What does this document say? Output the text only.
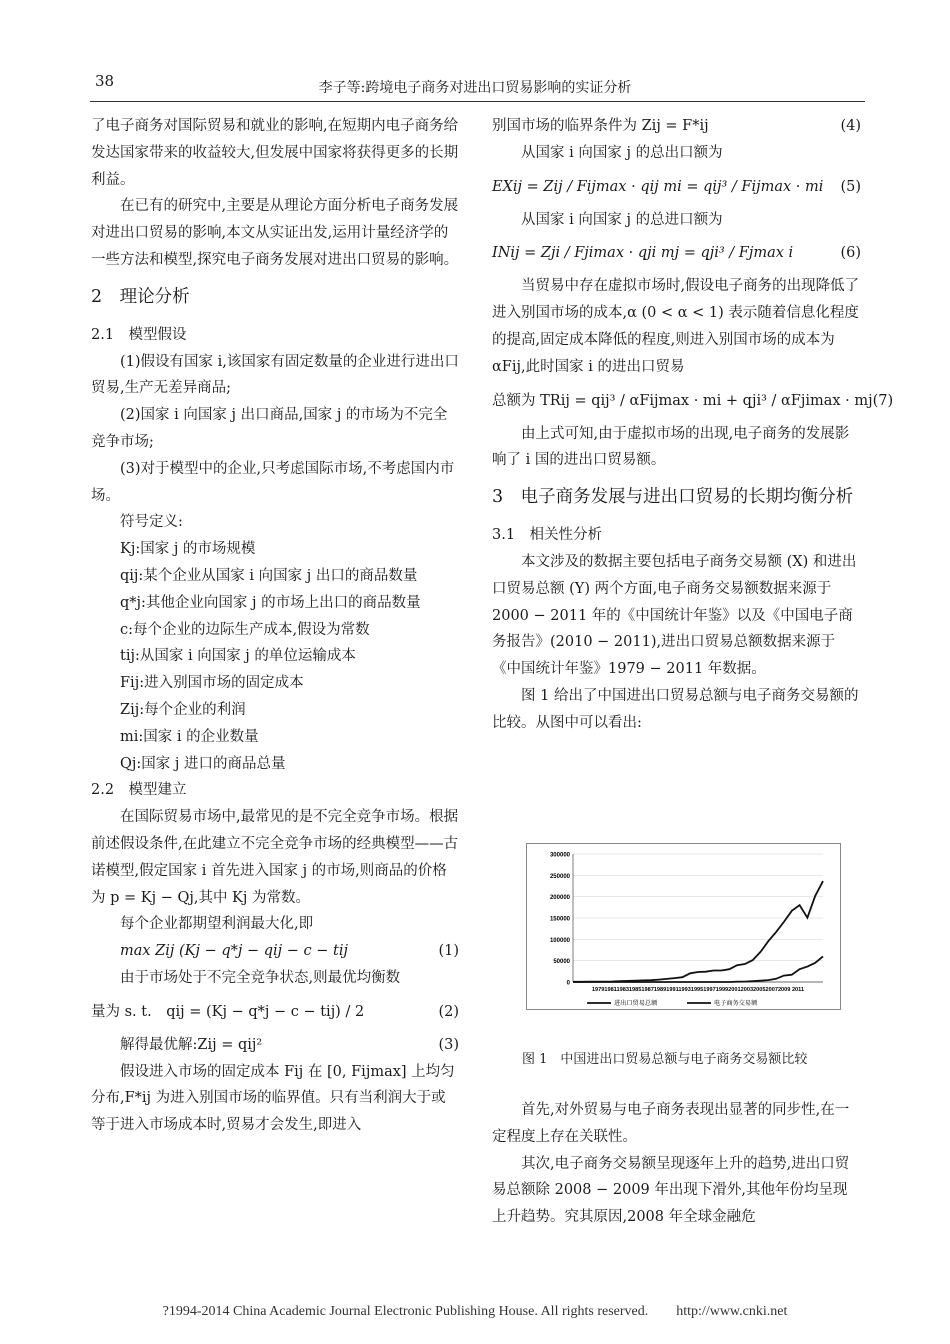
38	李子等:跨境电子商务对进出口贸易影响的实证分析

了电子商务对国际贸易和就业的影响,在短期内电子商务给发达国家带来的收益较大,但发展中国家将获得更多的长期利益。

在已有的研究中,主要是从理论方面分析电子商务发展对进出口贸易的影响,本文从实证出发,运用计量经济学的一些方法和模型,探究电子商务发展对进出口贸易的影响。

2　理论分析

2.1　模型假设

(1)假设有国家 i,该国家有固定数量的企业进行进出口贸易,生产无差异商品;

(2)国家 i 向国家 j 出口商品,国家 j 的市场为不完全竞争市场;

(3)对于模型中的企业,只考虑国际市场,不考虑国内市场。

符号定义:

Kj:国家 j 的市场规模

qij:某个企业从国家 i 向国家 j 出口的商品数量

q*j:其他企业向国家 j 的市场上出口的商品数量

c:每个企业的边际生产成本,假设为常数

tij:从国家 i 向国家 j 的单位运输成本

Fij:进入别国市场的固定成本

Zij:每个企业的利润

mi:国家 i 的企业数量

Qj:国家 j 进口的商品总量

2.2　模型建立

在国际贸易市场中,最常见的是不完全竞争市场。根据前述假设条件,在此建立不完全竞争市场的经典模型——古诺模型,假定国家 i 首先进入国家 j 的市场,则商品的价格为 p = Kj − Qj,其中 Kj 为常数。

每个企业都期望利润最大化,即

max Zij (Kj − q*j − qij − c − tij	(1)

由于市场处于不完全竞争状态,则最优均衡数

量为 s. t.　qij = (Kj − q*j − c − tij) / 2	(2)
解得最优解:Zij = qij²	(3)

假设进入市场的固定成本 Fij 在 [0, Fijmax] 上均匀分布,F*ij 为进入别国市场的临界值。只有当利润大于或等于进入市场成本时,贸易才会发生,即进入

别国市场的临界条件为 Zij = F*ij	(4)

从国家 i 向国家 j 的总出口额为

EXij = Zij / Fijmax · qij mi = qij³ / Fijmax · mi (5)

从国家 i 向国家 j 的总进口额为

INij = Zji / Fjimax · qji mj = qji³ / Fjmax i	(6)

当贸易中存在虚拟市场时,假设电子商务的出现降低了进入别国市场的成本,α (0 < α < 1) 表示随着信息化程度的提高,固定成本降低的程度,则进入别国市场的成本为 αFij,此时国家 i 的进出口贸易

总额为 TRij = qij³ / αFijmax · mi + qji³ / αFjimax · mj (7)

由上式可知,由于虚拟市场的出现,电子商务的发展影响了 i 国的进出口贸易额。

3　电子商务发展与进出口贸易的长期均衡分析

3.1　相关性分析

本文涉及的数据主要包括电子商务交易额 (X) 和进出口贸易总额 (Y) 两个方面,电子商务交易额数据来源于 2000 − 2011 年的《中国统计年鉴》以及《中国电子商务报告》(2010 − 2011),进出口贸易总额数据来源于《中国统计年鉴》1979 − 2011 年数据。

图 1 给出了中国进出口贸易总额与电子商务交易额的比较。从图中可以看出:

300000
250000
200000
150000
100000
50000
0
1979198119831985198719891991199319951997199920012003200520072009 2011
进出口贸易总额	电子商务交易额
图 1　中国进出口贸易总额与电子商务交易额比较

首先,对外贸易与电子商务表现出显著的同步性,在一定程度上存在关联性。

其次,电子商务交易额呈现逐年上升的趋势,进出口贸易总额除 2008 − 2009 年出现下滑外,其他年份均呈现上升趋势。究其原因,2008 年全球金融危

?1994-2014 China Academic Journal Electronic Publishing House. All rights reserved.　　http://www.cnki.net
